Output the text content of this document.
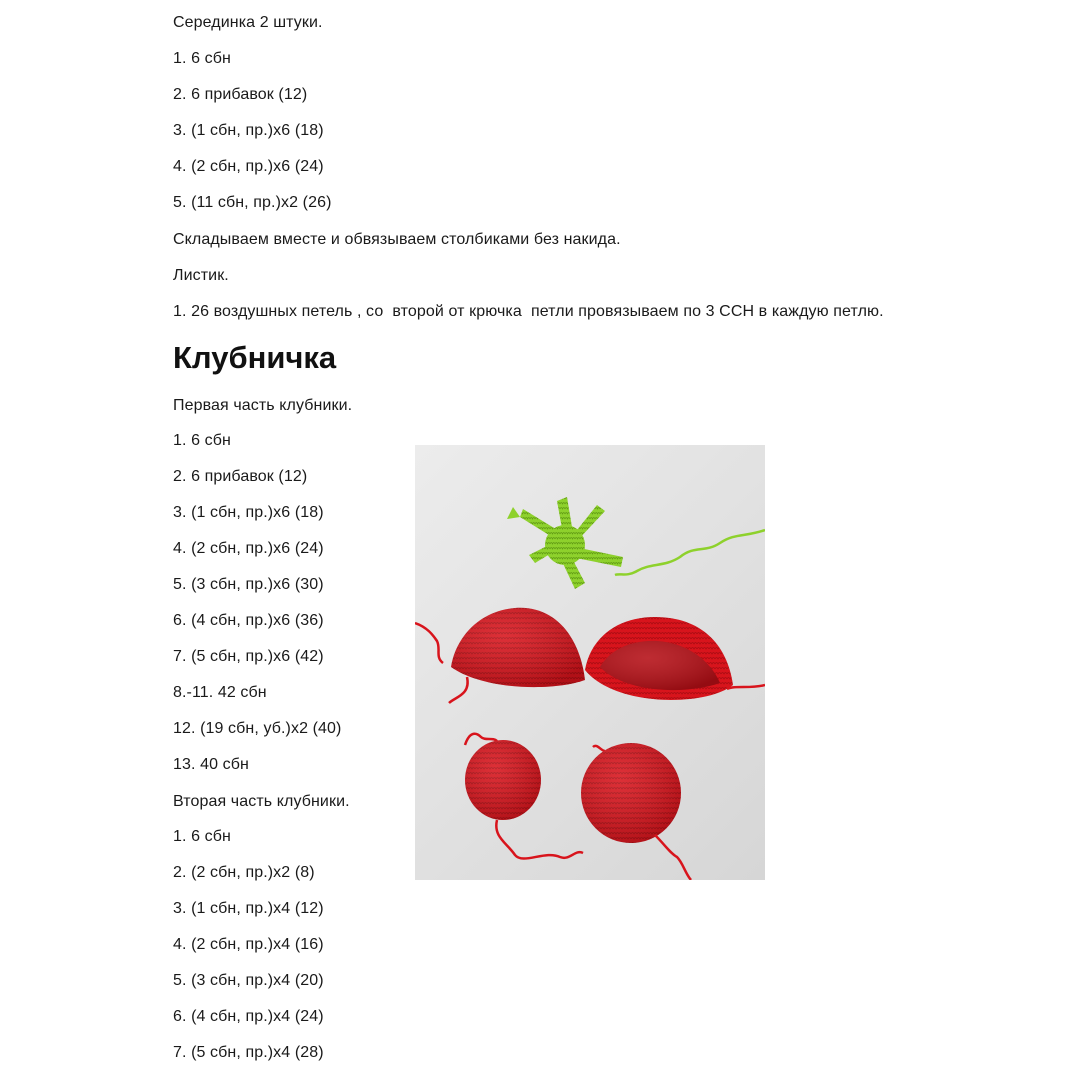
Серединка 2 штуки.
1. 6 сбн
2. 6 прибавок (12)
3. (1 сбн, пр.)х6 (18)
4. (2 сбн, пр.)х6 (24)
5. (11 сбн, пр.)х2 (26)
Складываем вместе и обвязываем столбиками без накида.
Листик.
1. 26 воздушных петель , со  второй от крючка  петли провязываем по 3 ССН в каждую петлю.
Клубничка
Первая часть клубники.
1. 6 сбн
2. 6 прибавок (12)
3. (1 сбн, пр.)х6 (18)
4. (2 сбн, пр.)х6 (24)
5. (3 сбн, пр.)х6 (30)
6. (4 сбн, пр.)х6 (36)
7. (5 сбн, пр.)х6 (42)
8.-11. 42 сбн
12. (19 сбн, уб.)х2 (40)
13. 40 сбн
Вторая часть клубники.
1. 6 сбн
2. (2 сбн, пр.)х2 (8)
3. (1 сбн, пр.)х4 (12)
4. (2 сбн, пр.)х4 (16)
5. (3 сбн, пр.)х4 (20)
6. (4 сбн, пр.)х4 (24)
7. (5 сбн, пр.)х4 (28)
